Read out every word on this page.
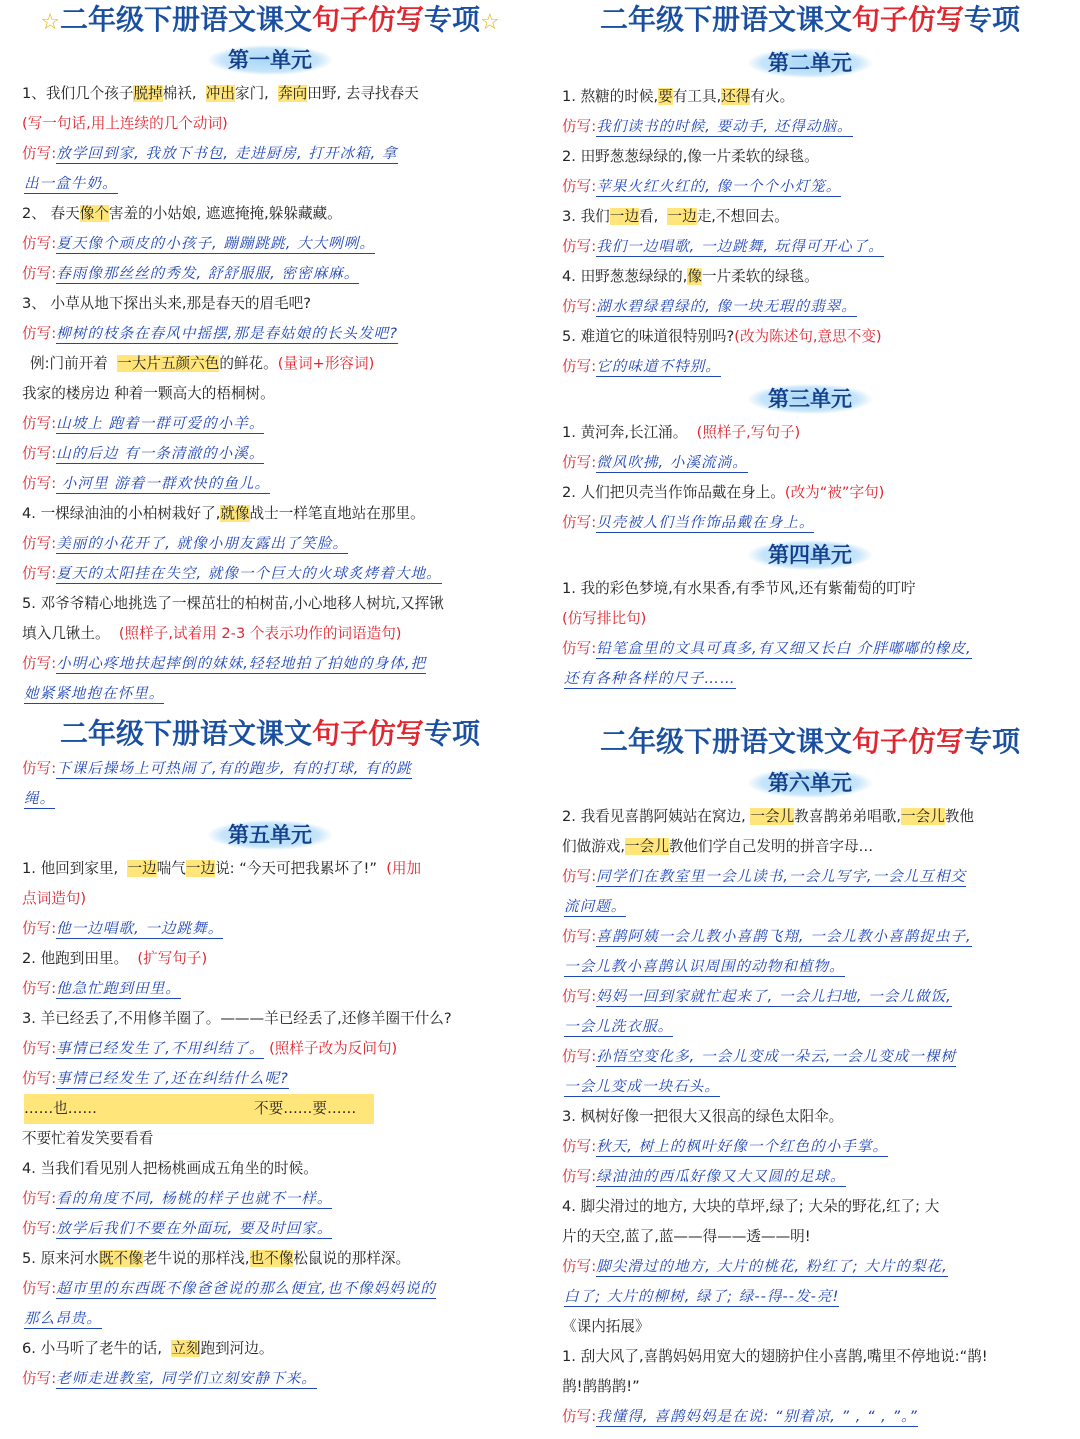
☆二年级下册语文课文句子仿写专项☆
第一单元
1、我们几个孩子脱掉棉袄, 冲出家门, 奔向田野, 去寻找春天
(写一句话,用上连续的几个动词)
仿写:放学回到家, 我放下书包, 走进厨房, 打开冰箱, 拿
出一盒牛奶。
2、 春天像个害羞的小姑娘, 遮遮掩掩,躲躲藏藏。
仿写:夏天像个顽皮的小孩子, 蹦蹦跳跳, 大大咧咧。
仿写:春雨像那丝丝的秀发, 舒舒服服, 密密麻麻。
3、 小草从地下探出头来,那是春天的眉毛吧?
仿写:柳树的枝条在春风中摇摆,那是春姑娘的长头发吧?
例:门前开着 一大片五颜六色的鲜花。(量词+形容词)
我家的楼房边 种着一颗高大的梧桐树。
仿写:山坡上 跑着一群可爱的小羊。
仿写:山的后边 有一条清澈的小溪。
仿写: 小河里 游着一群欢快的鱼儿。
4. 一棵绿油油的小柏树栽好了,就像战士一样笔直地站在那里。
仿写:美丽的小花开了, 就像小朋友露出了笑脸。
仿写:夏天的太阳挂在失空, 就像一个巨大的火球炙烤着大地。
5. 邓爷爷精心地挑选了一棵茁壮的柏树苗,小心地移人树坑,又挥锹
填入几锹土。 (照样子,试着用 2-3 个表示功作的词语造句)
仿写:小明心疼地扶起摔倒的妹妹,轻轻地拍了拍她的身体,把
她紧紧地抱在怀里。
二年级下册语文课文句子仿写专项
第二单元
1. 熬糖的时候,要有工具,还得有火。
仿写:我们读书的时候, 要动手, 还得动脑。
2. 田野葱葱绿绿的,像一片柔软的绿毯。
仿写:苹果火红火红的, 像一个个小灯笼。
3. 我们一边看, 一边走,不想回去。
仿写:我们一边唱歌, 一边跳舞, 玩得可开心了。
4. 田野葱葱绿绿的,像一片柔软的绿毯。
仿写:湖水碧绿碧绿的, 像一块无瑕的翡翠。
5. 难道它的味道很特别吗?(改为陈述句,意思不变)
仿写:它的味道不特别。
第三单元
1. 黄河奔,长江涌。 (照样子,写句子)
仿写:微风吹拂, 小溪流淌。
2. 人们把贝壳当作饰品戴在身上。(改为“被”字句)
仿写:贝壳被人们当作饰品戴在身上。
第四单元
1. 我的彩色梦境,有水果香,有季节风,还有紫葡萄的叮咛
(仿写排比句)
仿写:铅笔盒里的文具可真多,有又细又长白 介胖嘟嘟的橡皮,
还有各种各样的尺子……
二年级下册语文课文句子仿写专项
仿写:下课后操场上可热闹了,有的跑步, 有的打球, 有的跳
绳。
第五单元
1. 他回到家里, 一边喘气一边说: “今天可把我累坏了!” (用加
点词造句)
仿写:他一边唱歌, 一边跳舞。
2. 他跑到田里。 (扩写句子)
仿写:他急忙跑到田里。
3. 羊已经丢了,不用修羊圈了。———羊已经丢了,还修羊圈干什么?
仿写:事情已经发生了,不用纠结了。 (照样子改为反问句)
仿写:事情已经发生了,还在纠结什么呢?
……也……	不要……要……
不要忙着发笑要看看
4. 当我们看见别人把杨桃画成五角坐的时候。
仿写:看的角度不同, 杨桃的样子也就不一样。
仿写:放学后我们不要在外面玩, 要及时回家。
5. 原来河水既不像老牛说的那样浅,也不像松鼠说的那样深。
仿写:超市里的东西既不像爸爸说的那么便宜,也不像妈妈说的
那么昂贵。
6. 小马听了老牛的话, 立刻跑到河边。
仿写:老师走进教室, 同学们立刻安静下来。
二年级下册语文课文句子仿写专项
第六单元
2. 我看见喜鹊阿姨站在窝边, 一会儿教喜鹊弟弟唱歌,一会儿教他
们做游戏,一会儿教他们学自己发明的拼音字母…
仿写:同学们在教室里一会儿读书,一会儿写字,一会儿互相交
流问题。
仿写:喜鹊阿姨一会儿教小喜鹊飞翔, 一会儿教小喜鹊捉虫子,
一会儿教小喜鹊认识周围的动物和植物。
仿写:妈妈一回到家就忙起来了, 一会儿扫地, 一会儿做饭,
一会儿洗衣服。
仿写:孙悟空变化多, 一会儿变成一朵云,一会儿变成一棵树
一会儿变成一块石头。
3. 枫树好像一把很大又很高的绿色太阳伞。
仿写:秋天, 树上的枫叶好像一个红色的小手掌。
仿写:绿油油的西瓜好像又大又圆的足球。
4. 脚尖滑过的地方, 大块的草坪,绿了; 大朵的野花,红了; 大
片的天空,蓝了,蓝——得——透——明!
仿写:脚尖滑过的地方, 大片的桃花, 粉红了; 大片的梨花,
白了; 大片的柳树, 绿了; 绿--得--发-亮!
《课内拓展》
1. 刮大风了,喜鹊妈妈用宽大的翅膀护住小喜鹊,嘴里不停地说:“鹊!
鹊!鹊鹊鹊!”
仿写:我懂得, 喜鹊妈妈是在说: “别着凉, ” , “ , ”。”
